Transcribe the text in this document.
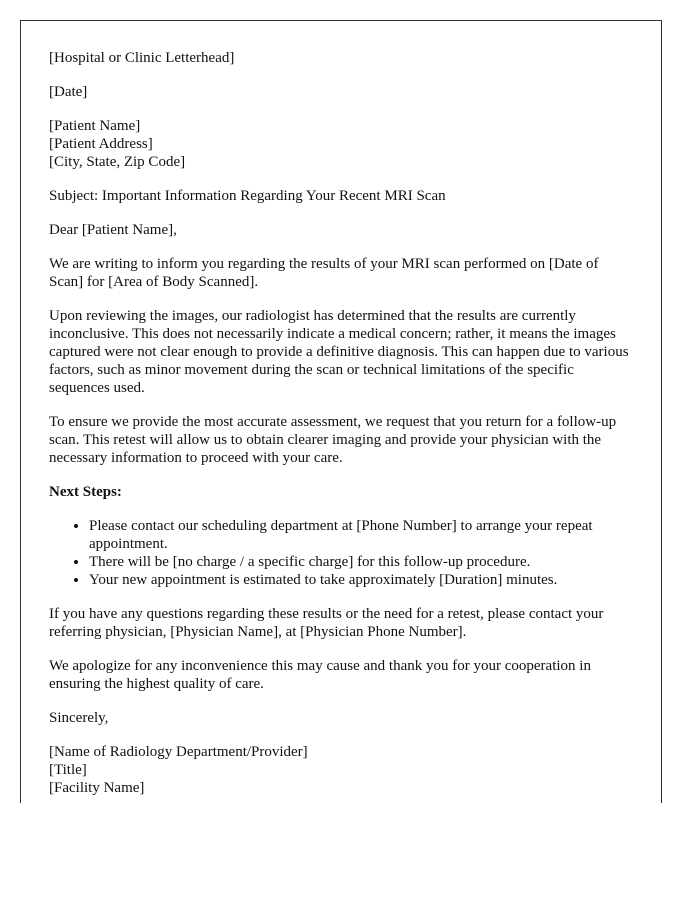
[Hospital or Clinic Letterhead]

[Date]

[Patient Name]
[Patient Address]
[City, State, Zip Code]

Subject: Important Information Regarding Your Recent MRI Scan

Dear [Patient Name],

We are writing to inform you regarding the results of your MRI scan performed on [Date of Scan] for [Area of Body Scanned].

Upon reviewing the images, our radiologist has determined that the results are currently inconclusive. This does not necessarily indicate a medical concern; rather, it means the images captured were not clear enough to provide a definitive diagnosis. This can happen due to various factors, such as minor movement during the scan or technical limitations of the specific sequences used.

To ensure we provide the most accurate assessment, we request that you return for a follow-up scan. This retest will allow us to obtain clearer imaging and provide your physician with the necessary information to proceed with your care.

Next Steps:

• Please contact our scheduling department at [Phone Number] to arrange your repeat appointment.
• There will be [no charge / a specific charge] for this follow-up procedure.
• Your new appointment is estimated to take approximately [Duration] minutes.

If you have any questions regarding these results or the need for a retest, please contact your referring physician, [Physician Name], at [Physician Phone Number].

We apologize for any inconvenience this may cause and thank you for your cooperation in ensuring the highest quality of care.

Sincerely,

[Name of Radiology Department/Provider]
[Title]
[Facility Name]
